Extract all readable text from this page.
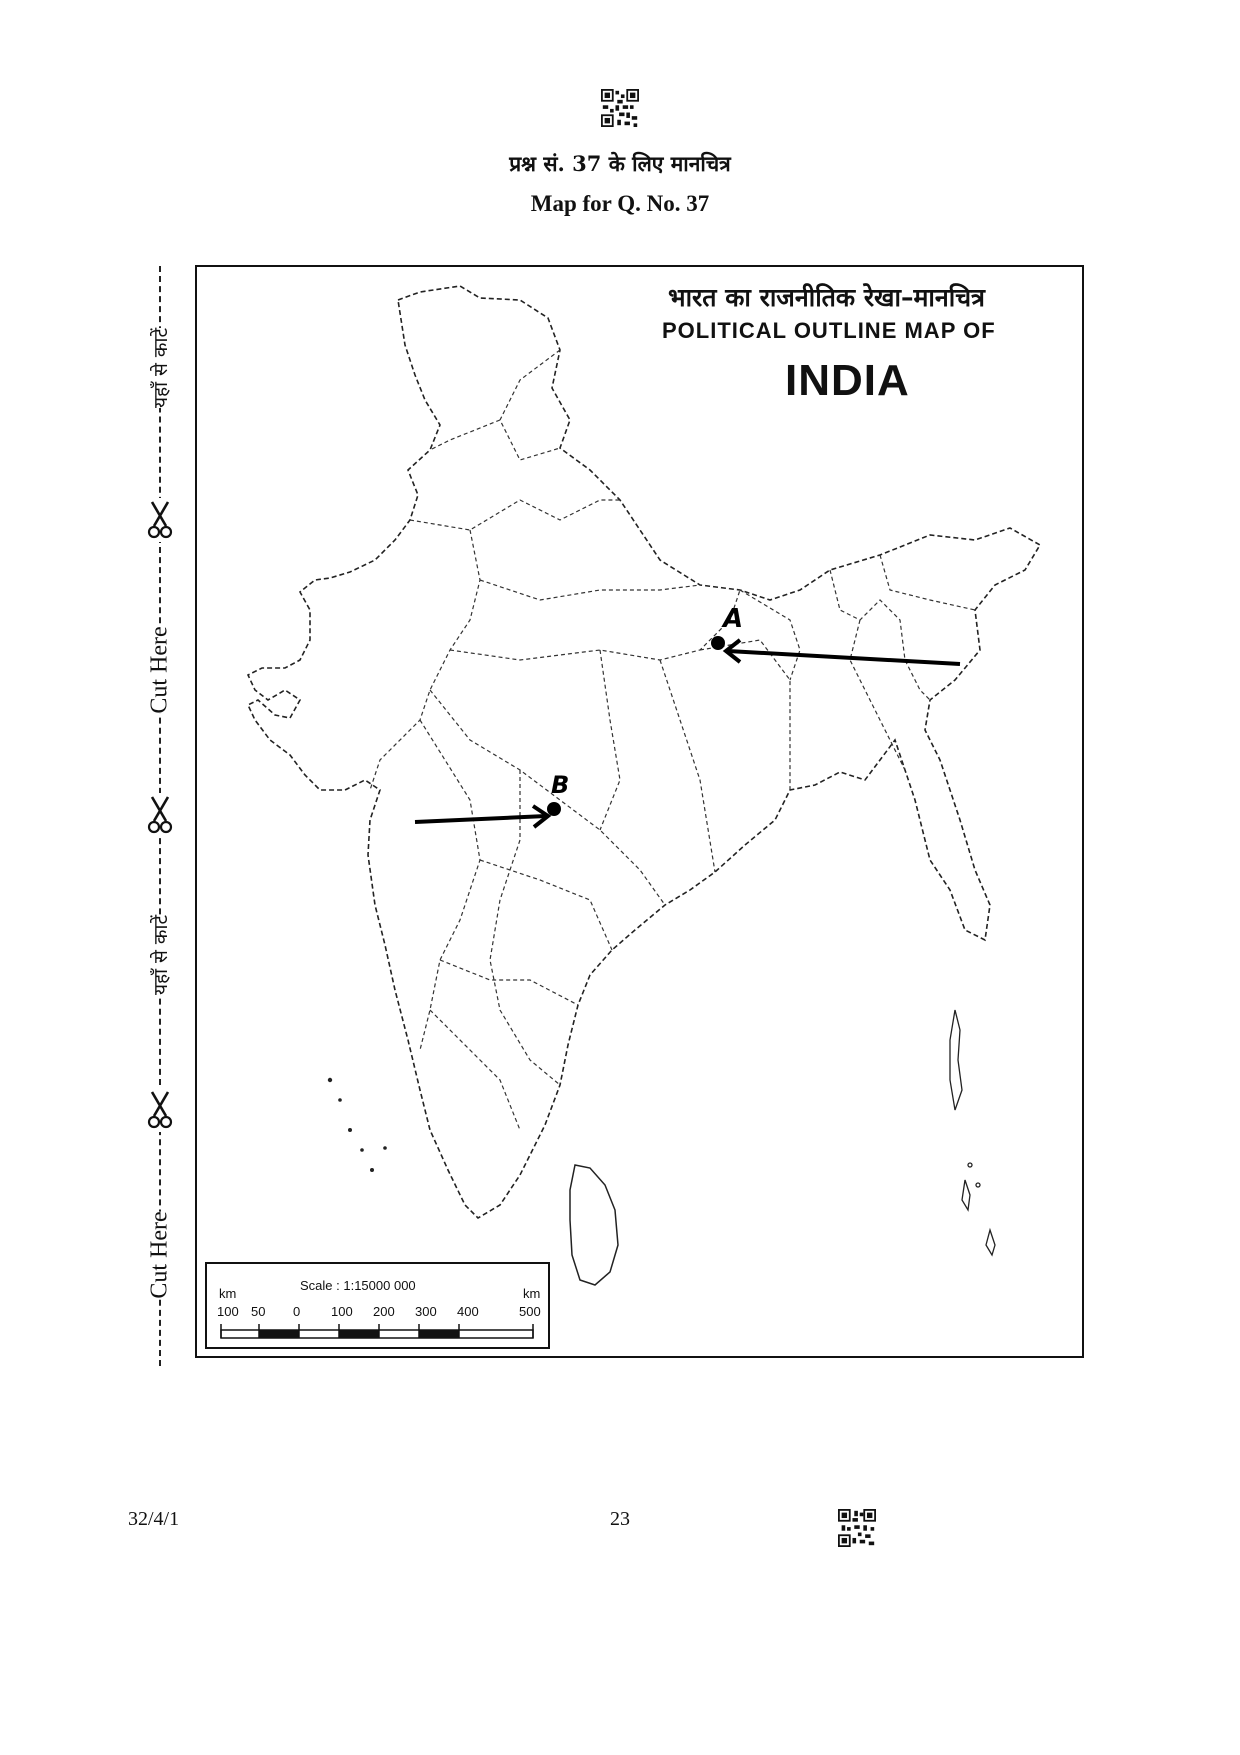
प्रश्न सं. 37 के लिए मानचित्र
Map for Q. No. 37
यहाँ से काटें
Cut Here
यहाँ से काटें
Cut Here
A
B
भारत का राजनीतिक रेखा–मानचित्र
POLITICAL OUTLINE MAP OF
INDIA
km
Scale : 1:15000 000
km
100 50 0 100 200 300 400	500
32/4/1	23
